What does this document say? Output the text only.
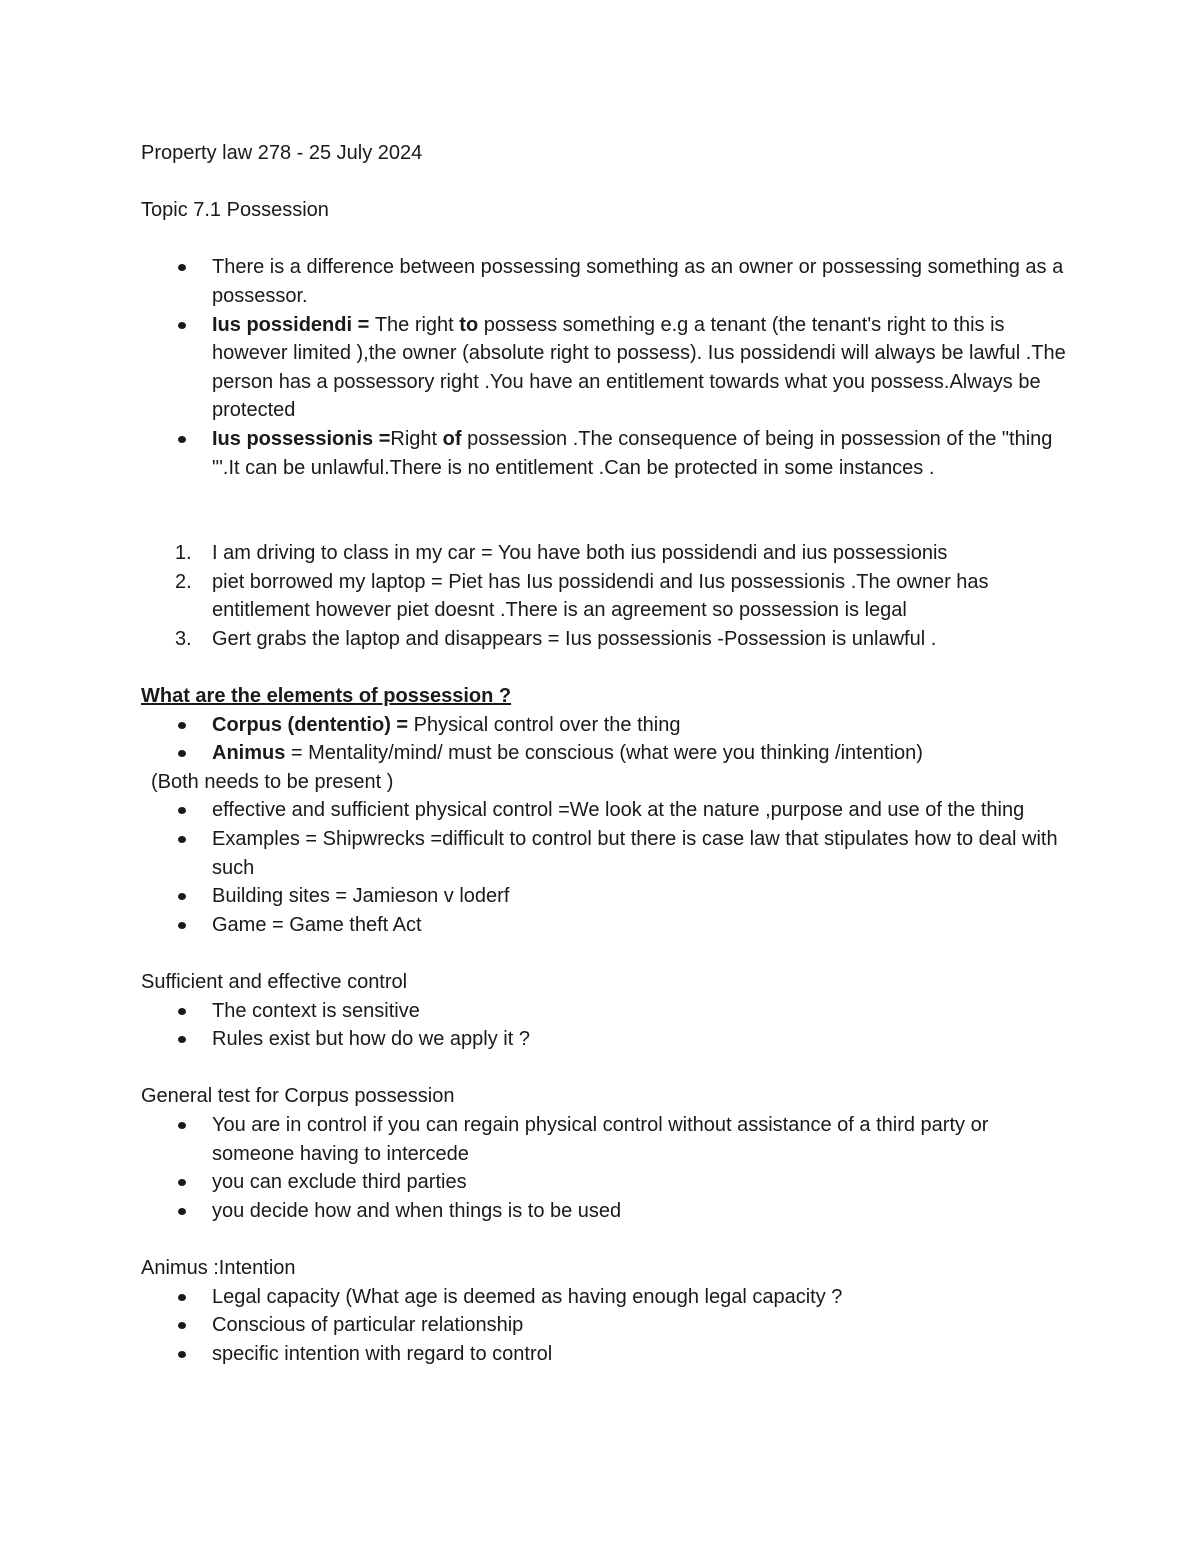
Property law 278 - 25 July 2024

Topic 7.1 Possession

There is a difference between possessing something as an owner or possessing something as a possessor.
Ius possidendi = The right to possess something e.g a tenant (the tenant's right to this is however limited ),the owner (absolute right to possess). Ius possidendi will always be lawful .The person has a possessory right .You have an entitlement towards what you possess.Always be protected
Ius possessionis =Right of possession .The consequence of being in possession of the "thing "'.It can be unlawful.There is no entitlement .Can be protected in some instances .
1. I am driving to class in my car = You have both ius possidendi and ius possessionis
2. piet borrowed my laptop = Piet has Ius possidendi and Ius possessionis .The owner has entitlement however piet doesnt .There is an agreement so possession is legal
3. Gert grabs the laptop and disappears = Ius possessionis -Possession is unlawful .

What are the elements of possession ?

Corpus (dententio) = Physical control over the thing
Animus = Mentality/mind/ must be conscious (what were you thinking /intention)

(Both needs to be present )

effective and sufficient physical control =We look at the nature ,purpose and use of the thing
Examples = Shipwrecks =difficult to control but there is case law that stipulates how to deal with such
Building sites = Jamieson v loderf
Game = Game theft Act

Sufficient and effective control

The context is sensitive
Rules exist but how do we apply it ?

General test for Corpus possession

You are in control if you can regain physical control without assistance of a third party or someone having to intercede
you can exclude third parties
you decide how and when things is to be used

Animus :Intention

Legal capacity (What age is deemed as having enough legal capacity ?
Conscious of particular relationship
specific intention with regard to control
